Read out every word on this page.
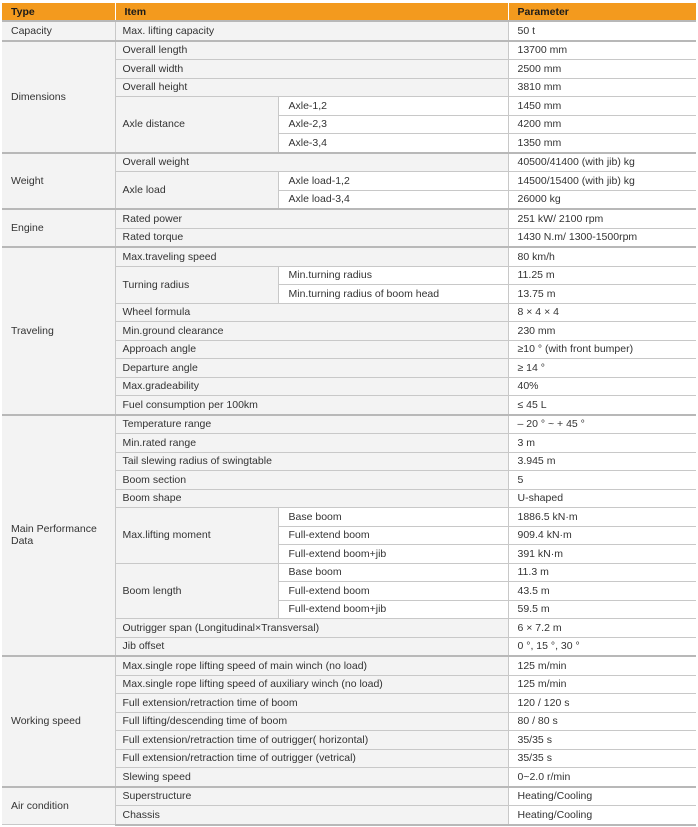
Type	Item		Parameter
Capacity	Max. lifting capacity		50 t
Dimensions	Overall length		13700 mm
	Overall width		2500 mm
	Overall height		3810 mm
	Axle distance	Axle-1,2	1450 mm
		Axle-2,3	4200 mm
		Axle-3,4	1350 mm
Weight	Overall weight		40500/41400 (with jib) kg
	Axle load	Axle load-1,2	14500/15400 (with jib) kg
		Axle load-3,4	26000 kg
Engine	Rated power		251 kW/ 2100 rpm
	Rated torque		1430 N.m/ 1300-1500rpm
Traveling	Max.traveling speed		80 km/h
	Turning radius	Min.turning radius	11.25 m
		Min.turning radius of boom head	13.75 m
	Wheel formula		8 × 4 × 4
	Min.ground clearance		230 mm
	Approach angle		≥10 ° (with front bumper)
	Departure angle		≥ 14 °
	Max.gradeability		40%
	Fuel consumption per 100km		≤ 45 L
Main Performance Data	Temperature range		– 20 ° ~ + 45 °
	Min.rated range		3 m
	Tail slewing radius of swingtable		3.945 m
	Boom section		5
	Boom shape		U-shaped
	Max.lifting moment	Base boom	1886.5 kN·m
		Full-extend boom	909.4 kN·m
		Full-extend boom+jib	391 kN·m
	Boom length	Base boom	11.3 m
		Full-extend boom	43.5 m
		Full-extend boom+jib	59.5 m
	Outrigger span (Longitudinal×Transversal)		6 × 7.2 m
	Jib offset		0 °, 15 °, 30 °
Working speed	Max.single rope lifting speed of main winch (no load)		125 m/min
	Max.single rope lifting speed of auxiliary winch (no load)		125 m/min
	Full extension/retraction time of boom		120 / 120 s
	Full lifting/descending time of boom		80 / 80 s
	Full extension/retraction time of outrigger( horizontal)		35/35 s
	Full extension/retraction time of outrigger (vetrical)		35/35 s
	Slewing speed		0~2.0 r/min
Air condition	Superstructure		Heating/Cooling
	Chassis		Heating/Cooling
